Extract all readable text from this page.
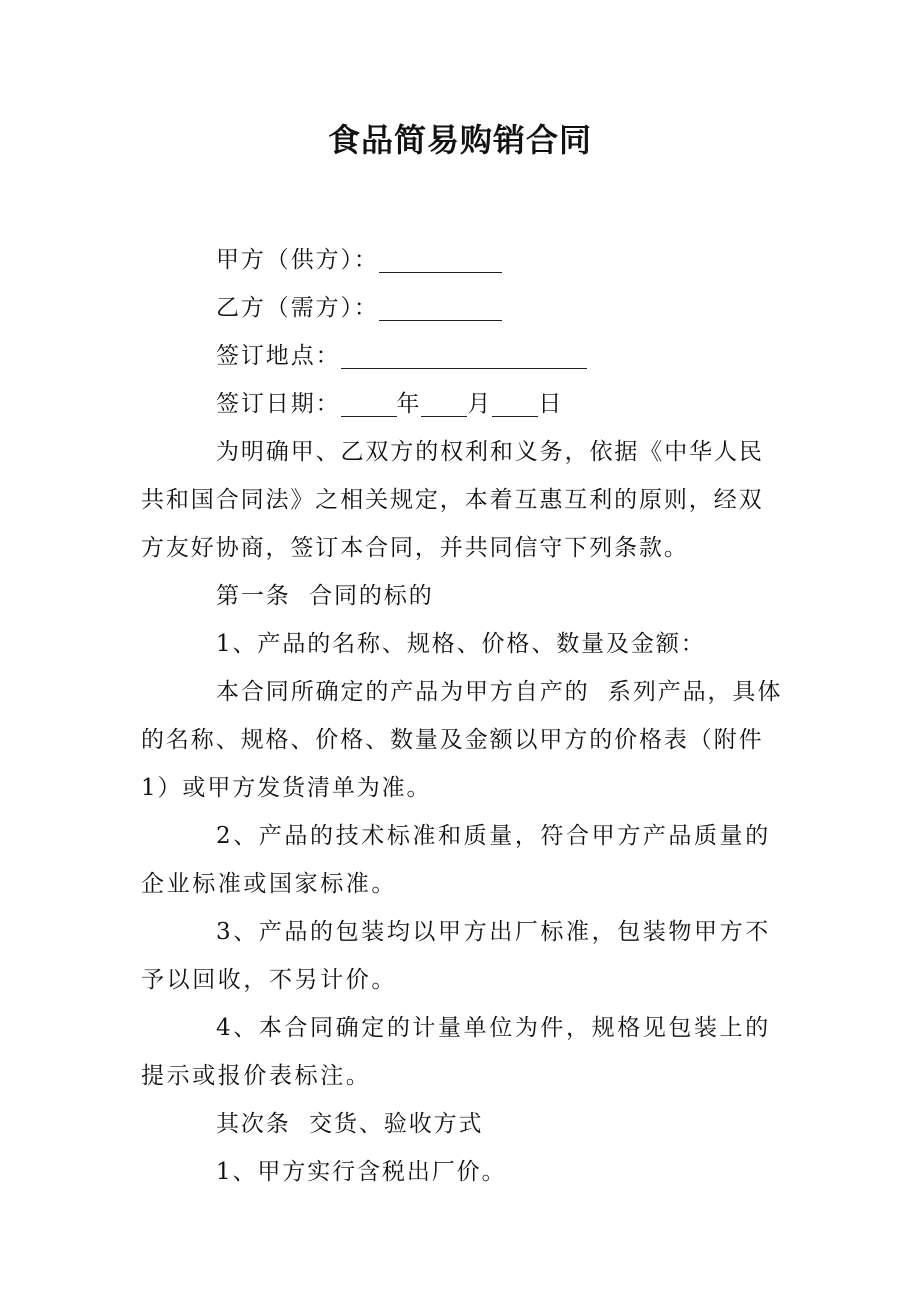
食品简易购销合同

甲方（供方）：

乙方（需方）：

签订地点：

签订日期： 年 月 日

为明确甲、乙双方的权利和义务，依据《中华人民共和国合同法》之相关规定，本着互惠互利的原则，经双方友好协商，签订本合同，并共同信守下列条款。

第一条  合同的标的

1、产品的名称、规格、价格、数量及金额：

本合同所确定的产品为甲方自产的  系列产品，具体的名称、规格、价格、数量及金额以甲方的价格表（附件1）或甲方发货清单为准。

2、产品的技术标准和质量，符合甲方产品质量的企业标准或国家标准。

3、产品的包装均以甲方出厂标准，包装物甲方不予以回收，不另计价。

4、本合同确定的计量单位为件，规格见包装上的提示或报价表标注。

其次条  交货、验收方式

1、甲方实行含税出厂价。
